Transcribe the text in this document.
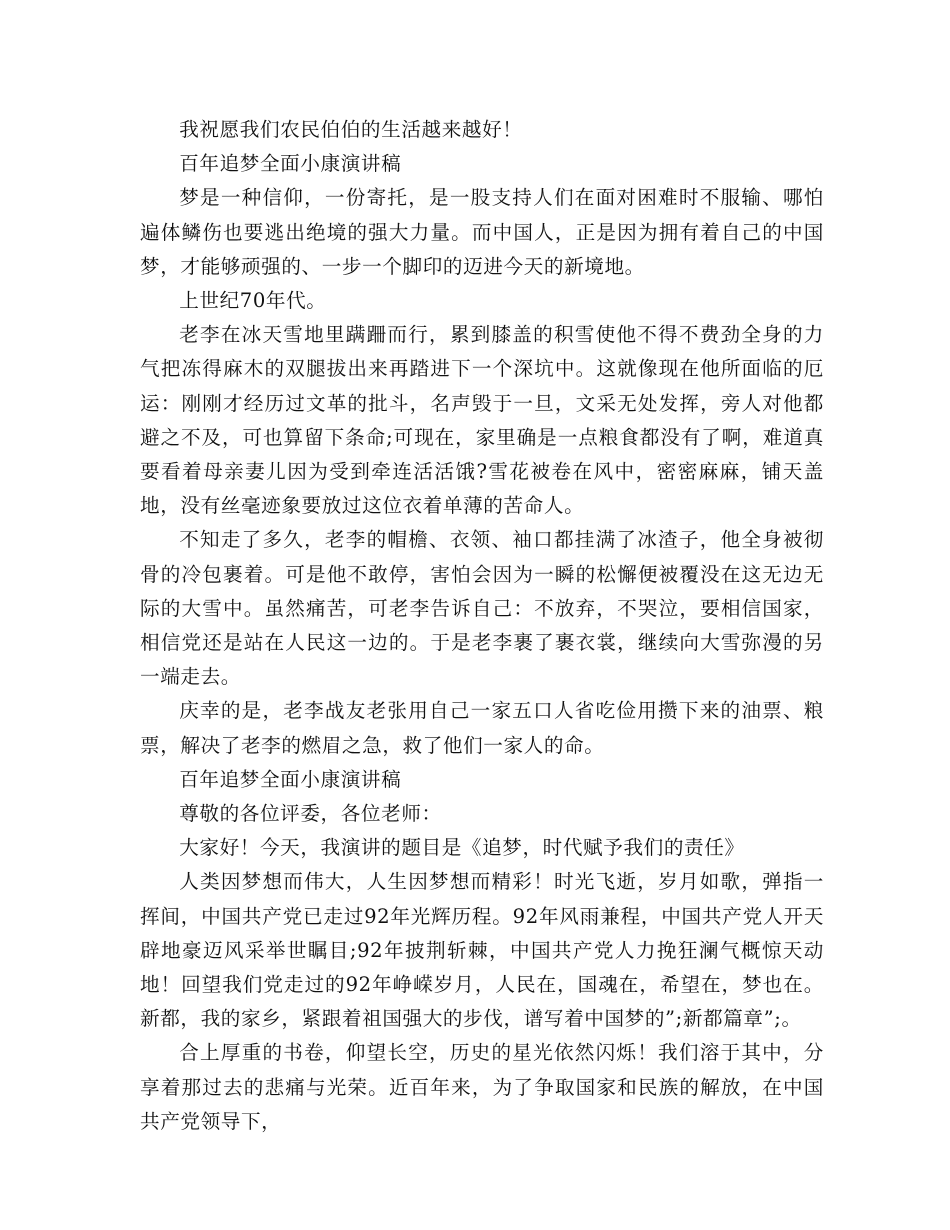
我祝愿我们农民伯伯的生活越来越好！

百年追梦全面小康演讲稿

梦是一种信仰，一份寄托，是一股支持人们在面对困难时不服输、哪怕遍体鳞伤也要逃出绝境的强大力量。而中国人，正是因为拥有着自己的中国梦，才能够顽强的、一步一个脚印的迈进今天的新境地。

上世纪70年代。

老李在冰天雪地里蹒跚而行，累到膝盖的积雪使他不得不费劲全身的力气把冻得麻木的双腿拔出来再踏进下一个深坑中。这就像现在他所面临的厄运：刚刚才经历过文革的批斗，名声毁于一旦，文采无处发挥，旁人对他都避之不及，可也算留下条命;可现在，家里确是一点粮食都没有了啊，难道真要看着母亲妻儿因为受到牵连活活饿?雪花被卷在风中，密密麻麻，铺天盖地，没有丝毫迹象要放过这位衣着单薄的苦命人。

不知走了多久，老李的帽檐、衣领、袖口都挂满了冰渣子，他全身被彻骨的冷包裹着。可是他不敢停，害怕会因为一瞬的松懈便被覆没在这无边无际的大雪中。虽然痛苦，可老李告诉自己：不放弃，不哭泣，要相信国家，相信党还是站在人民这一边的。于是老李裹了裹衣裳，继续向大雪弥漫的另一端走去。

庆幸的是，老李战友老张用自己一家五口人省吃俭用攒下来的油票、粮票，解决了老李的燃眉之急，救了他们一家人的命。

百年追梦全面小康演讲稿

尊敬的各位评委，各位老师：

大家好！今天，我演讲的题目是《追梦，时代赋予我们的责任》

人类因梦想而伟大，人生因梦想而精彩！时光飞逝，岁月如歌，弹指一挥间，中国共产党已走过92年光辉历程。92年风雨兼程，中国共产党人开天辟地豪迈风采举世瞩目;92年披荆斩棘，中国共产党人力挽狂澜气概惊天动地！回望我们党走过的92年峥嵘岁月，人民在，国魂在，希望在，梦也在。新都，我的家乡，紧跟着祖国强大的步伐，谱写着中国梦的”;新都篇章”;。

合上厚重的书卷，仰望长空，历史的星光依然闪烁！我们溶于其中，分享着那过去的悲痛与光荣。近百年来，为了争取国家和民族的解放，在中国共产党领导下，
